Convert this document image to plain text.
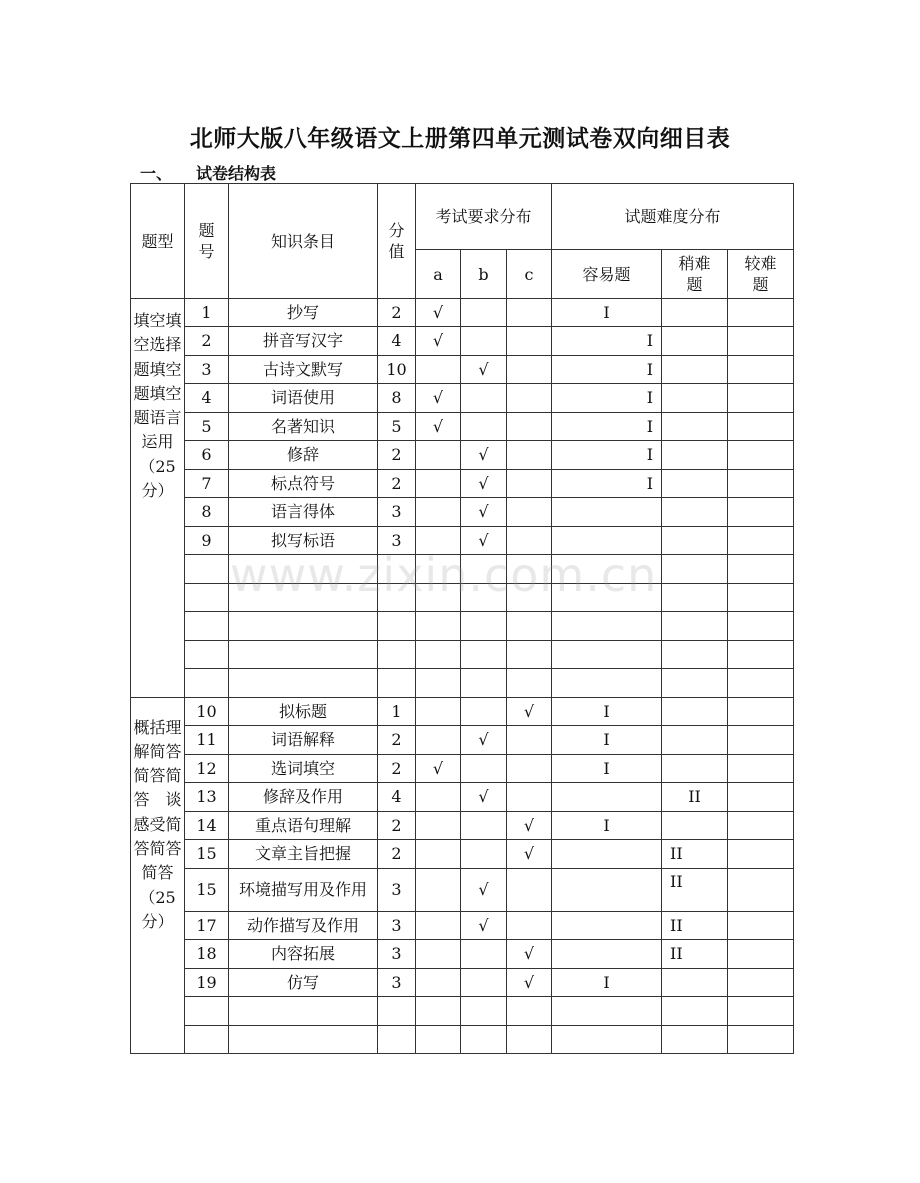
北师大版八年级语文上册第四单元测试卷双向细目表
一、 试卷结构表
题型	题号	知识条目	分值	考试要求分布			试题难度分布		
				a	b	c	容易题	稍难题	较难题
填空填空选择题填空题填空题语言运用（25分）	1	抄写	2	√			I		
	2	拼音写汉字	4	√			I		
	3	古诗文默写	10		√		I		
	4	词语使用	8	√			I		
	5	名著知识	5	√			I		
	6	修辞	2		√		I		
	7	标点符号	2		√		I		
	8	语言得体	3		√				
	9	拟写标语	3		√				

概括理解简答简答简答　谈感受简答简答简答（25分）	10	拟标题	1			√	I		
	11	词语解释	2		√		I		
	12	选词填空	2	√			I		
	13	修辞及作用	4		√			II	
	14	重点语句理解	2			√	I		
	15	文章主旨把握	2			√		II	
	15	环境描写用及作用	3		√			II	
	17	动作描写及作用	3		√			II	
	18	内容拓展	3			√		II	
	19	仿写	3			√	I		

www.zixin.com.cn
